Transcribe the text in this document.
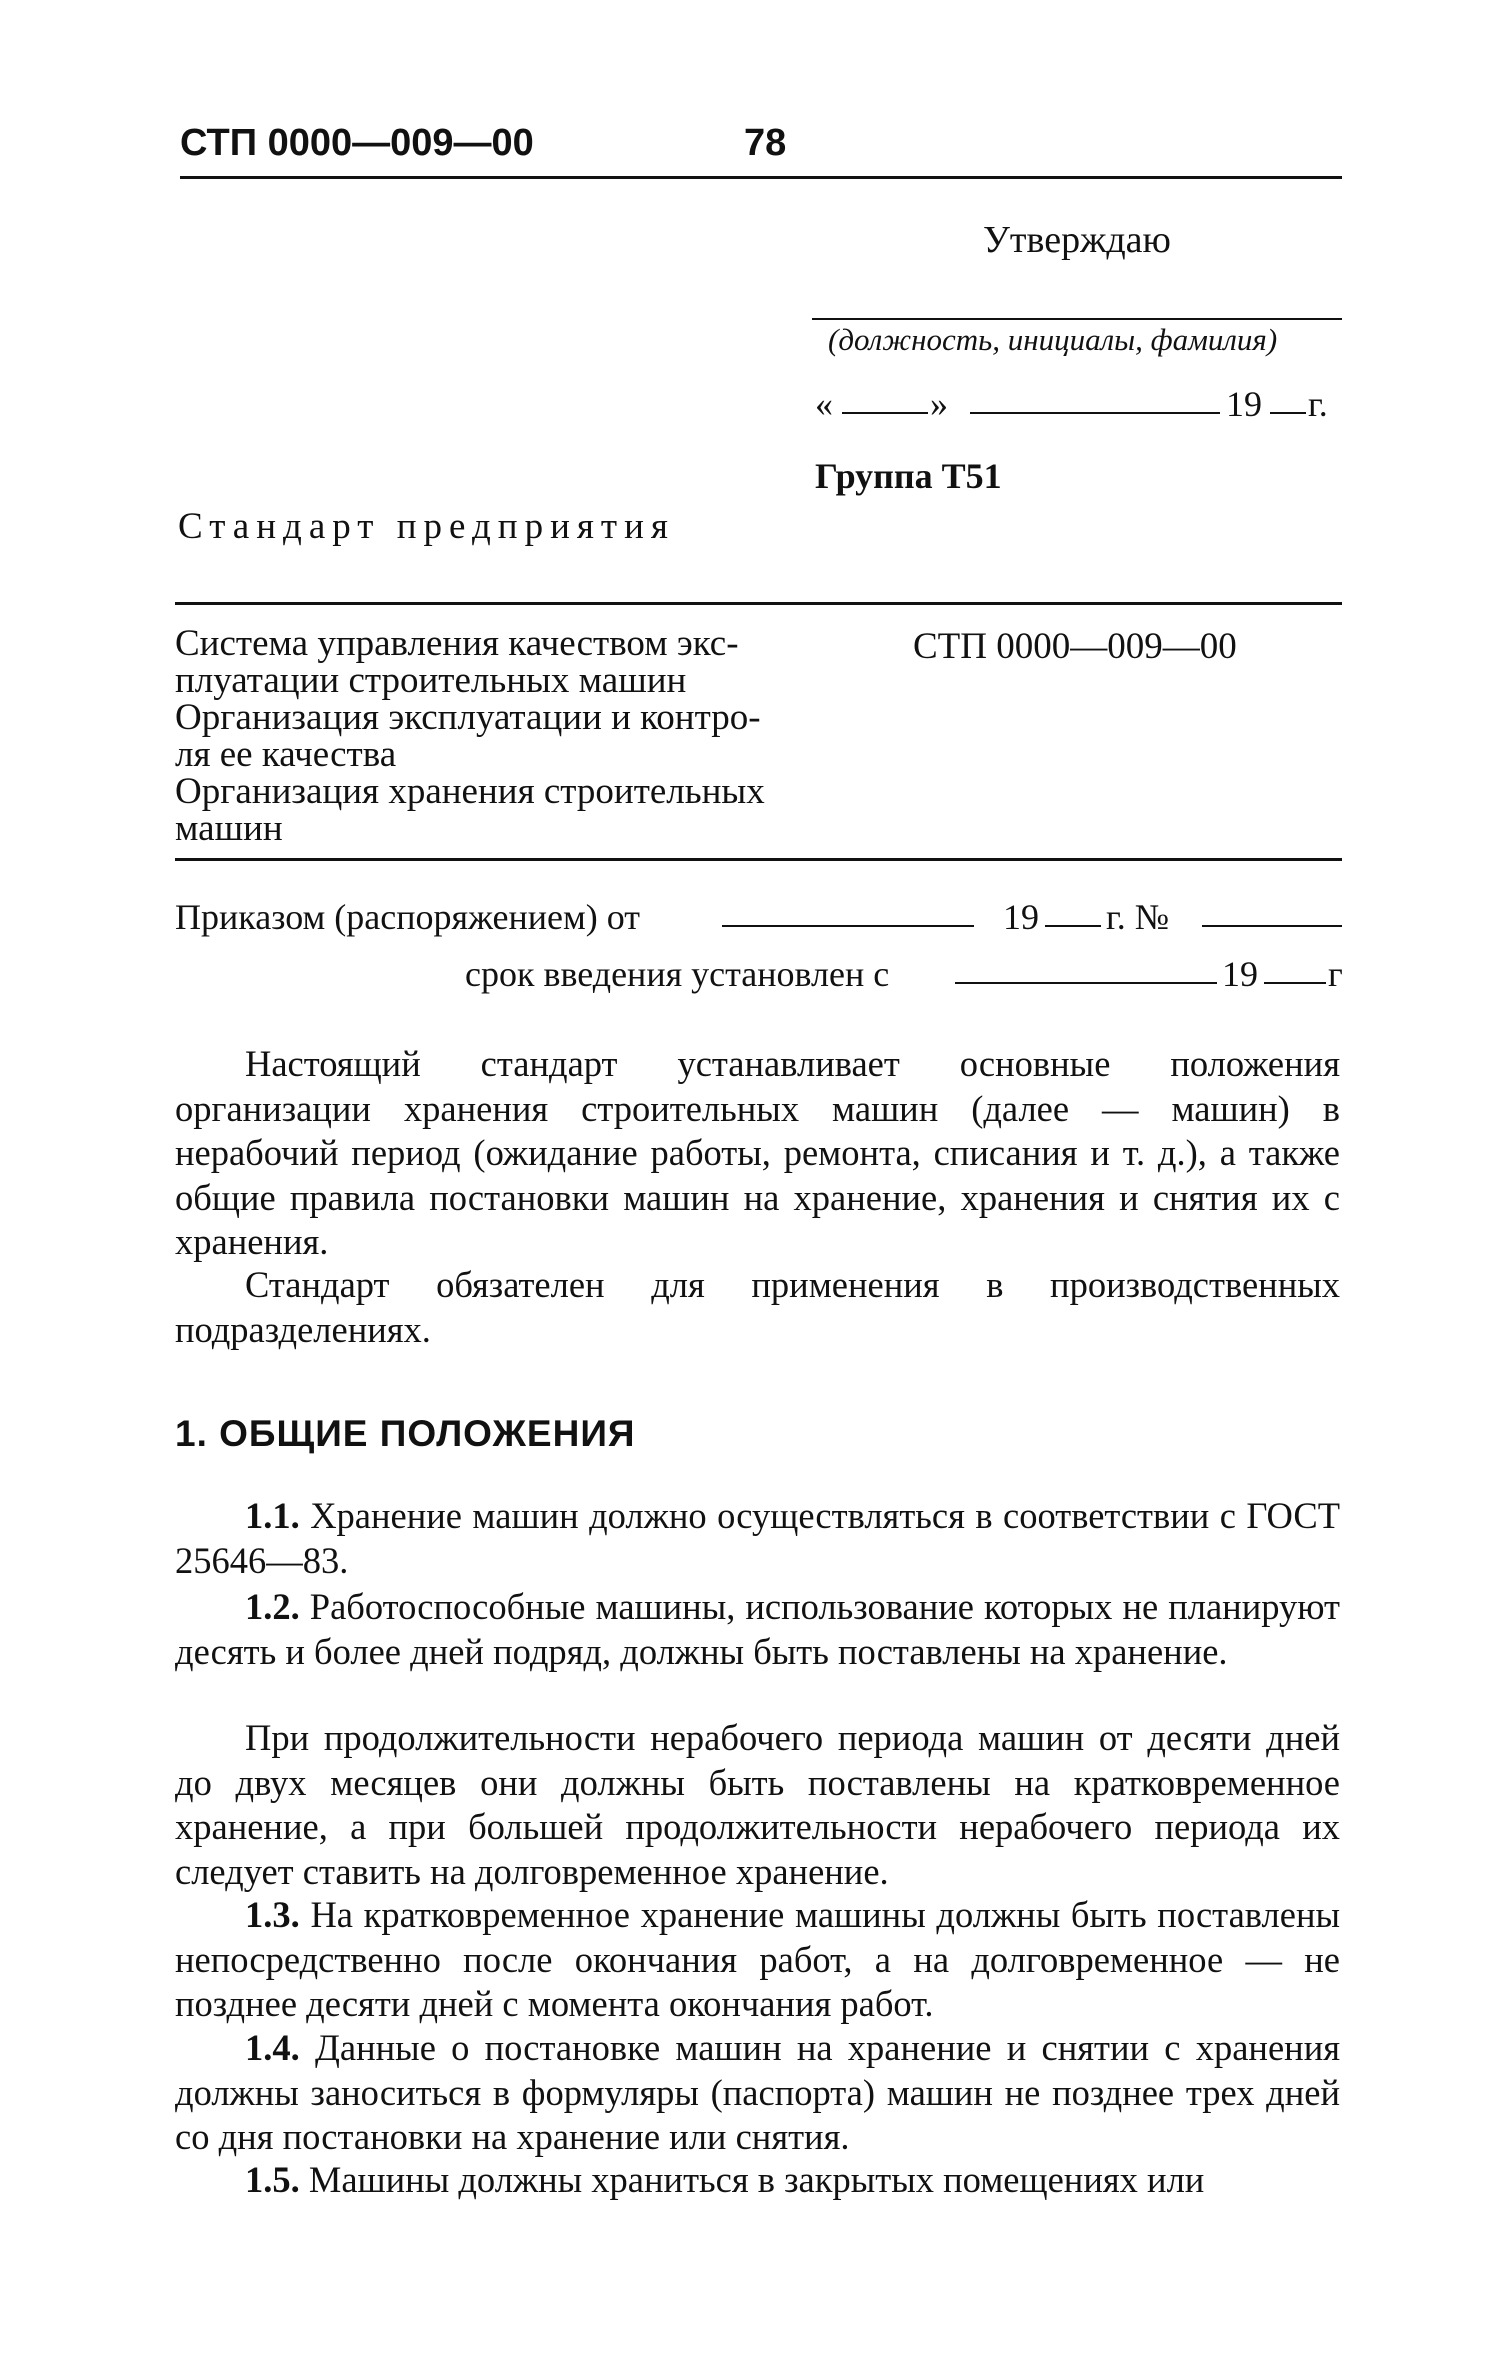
СТП 0000—009—00	78
Утверждаю
(должность, инициалы, фамилия)
«	»	19 г.
Группа Т51
Стандарт предприятия
Система управления качеством экс-
плуатации строительных машин
Организация эксплуатации и контро-
ля ее качества
Организация хранения строительных
машин
СТП 0000—009—00
Приказом (распоряжением) от	19 г. №
срок введения установлен с	19 г
Настоящий стандарт устанавливает основные положения организации хранения строительных машин (далее — машин) в нерабочий период (ожидание работы, ремонта, списания и т. д.), а также общие правила постановки машин на хранение, хранения и снятия их с хранения.
Стандарт обязателен для применения в производственных подразделениях.
1. ОБЩИЕ ПОЛОЖЕНИЯ
1.1. Хранение машин должно осуществляться в соответствии с ГОСТ 25646—83.
1.2. Работоспособные машины, использование которых не планируют десять и более дней подряд, должны быть поставлены на хранение.
При продолжительности нерабочего периода машин от десяти дней до двух месяцев они должны быть поставлены на кратковременное хранение, а при большей продолжительности нерабочего периода их следует ставить на долговременное хранение.
1.3. На кратковременное хранение машины должны быть поставлены непосредственно после окончания работ, а на долговременное — не позднее десяти дней с момента окончания работ.
1.4. Данные о постановке машин на хранение и снятии с хранения должны заноситься в формуляры (паспорта) машин не позднее трех дней со дня постановки на хранение или снятия.
1.5. Машины должны храниться в закрытых помещениях или
